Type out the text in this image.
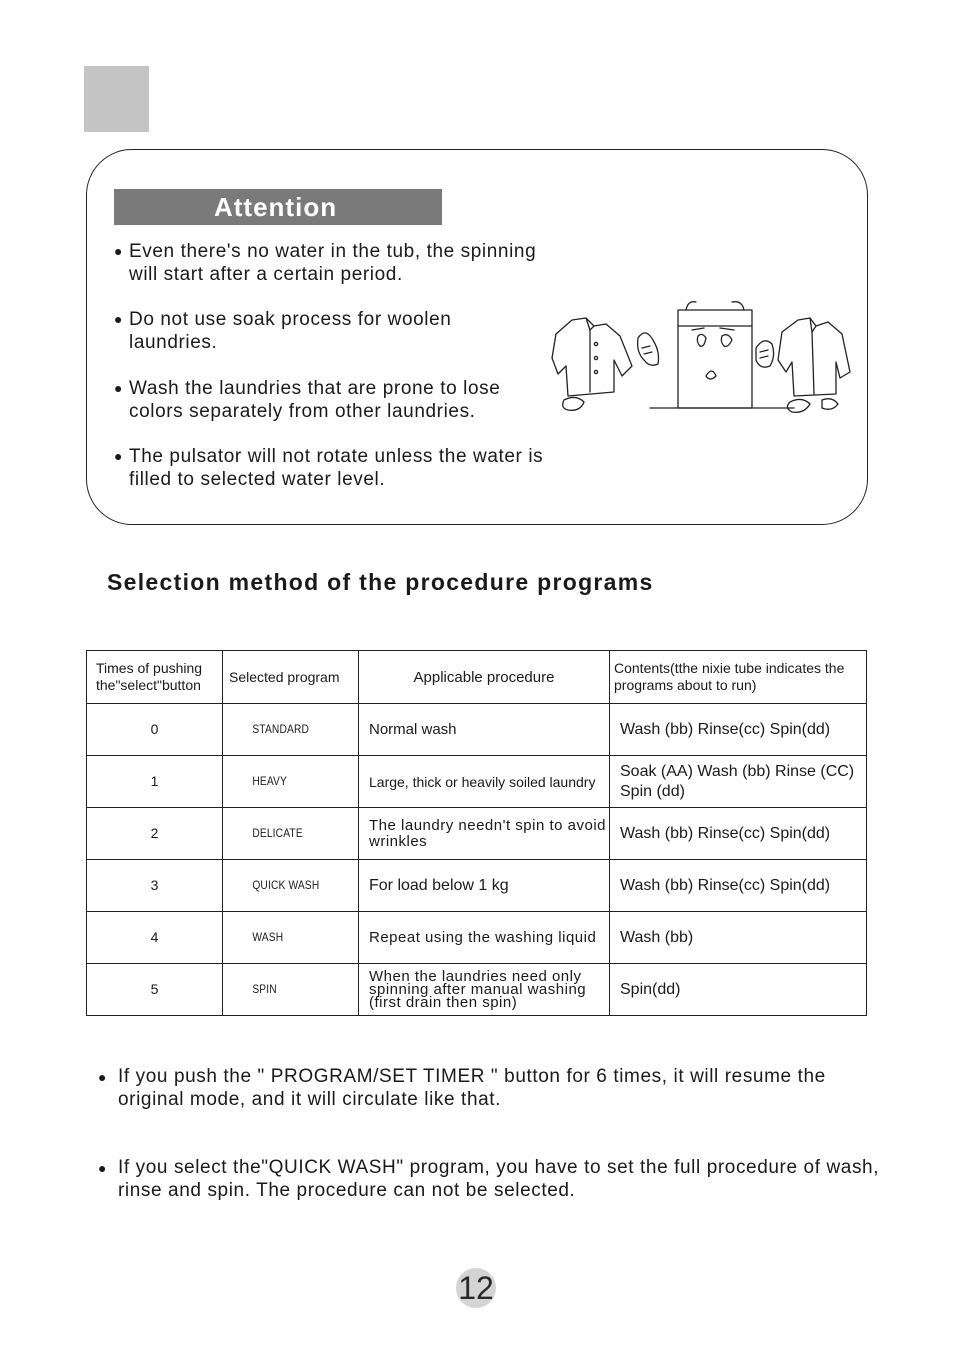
Attention
● Even there's no water in the tub, the spinning will start after a certain period.
● Do not use soak process for woolen laundries.
● Wash the laundries that are prone to lose colors separately from other laundries.
● The pulsator will not rotate unless the water is filled to selected water level.
Selection method of the procedure programs
Times of pushing the"select"button	Selected program	Applicable procedure	Contents(tthe nixie tube indicates the programs about to run)
0	STANDARD	Normal wash	Wash (bb) Rinse(cc) Spin(dd)
1	HEAVY	Large, thick or heavily soiled laundry	Soak (AA) Wash (bb) Rinse (CC) Spin (dd)
2	DELICATE	The laundry needn't spin to avoid wrinkles	Wash (bb) Rinse(cc) Spin(dd)
3	QUICK WASH	For load below 1 kg	Wash (bb) Rinse(cc) Spin(dd)
4	WASH	Repeat using the washing liquid	Wash (bb)
5	SPIN	When the laundries need only spinning after manual washing (first drain then spin)	Spin(dd)
● If you push the " PROGRAM/SET TIMER " button for 6 times, it will resume the original mode, and it will circulate like that.
● If you select the"QUICK WASH" program, you have to set the full procedure of wash, rinse and spin. The procedure can not be selected.
12
